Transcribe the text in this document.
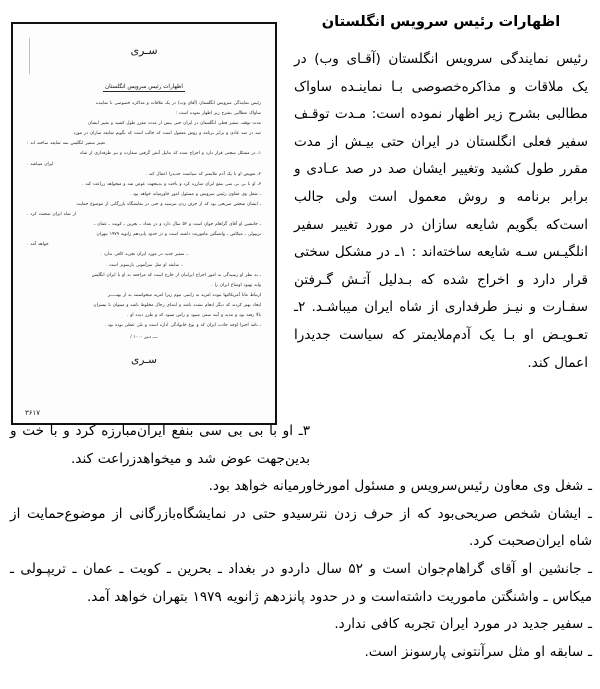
سـری
اظهارات رئیس سرویس انگلستان

رئیس نمایندگی سرویس انگلستان (آقای وب) در یک ملاقات و مذاکره خصوصی با نماینده

ساواک مطالبی بشرح زیر اظهار نموده است :

مدت توقف سفیر فعلی انگلستان در ایران حتی بیش از مدت مقرر طول کشید و تغییر ایشان

صد در صد عادی و برابر برنامه و روش معمول است که جالب است که بگویم شایعه سازان در مورد

تغییر سفیر انگلیس سه شایعه ساخته اند :

۱ـ در مشکل سختی قرار دارد و اخراج شده که بدلیل آتش گرفتن سفارت و نیز طرفداری از شاه

ایران میباشد .

۲ـ تعویض او با یک آدم ملایمتر که سیاست جدیدرا اعمال کند .

۳ـ او با بی بی سی بنفع ایران مبارزه کرد و باخت و بدینجهت عوض شد و میخواهد زراعت کند .

ـ شغل وی معاون رئیس سرویس و مسئول امور خاورمیانه خواهد بود .

ـ ایشان شخص صریحی بود که از حرف زدن نترسید و حتی در نمایشگاه بازرگانی از موضوع حمایت

از شاه ایران صحبت کرد .

ـ جانشین او آقای گراهام جوان است و ۵۲ سال دارد و در بغداد ـ بحرین ـ کویت ـ عمان ـ

تریپولی ـ میکاس ـ واشنگتن ماموریت داشته است و در حدود پانزدهم ژانویه ۱۹۷۹ بتهران

خواهد آمد .

ـ سفیر جدید در مورد ایران تجربه کافی ندارد .

ـ سابقه او مثل سرآنتونی پارسونز است .

ـ به نظر او رسیدگی به امور اخراج ایرانیان از خارج است که مراجعه به او یا ایران انگلیس

وانه بهبود اوضاع ایران را .

ارتباط مابا آمریکائیها نبوده امریه به راسی نیوم زیرا امریه میخواستند به از بهتـــــر

ایجاد بهتر کردند که دیگر انجام نشده باشد و ابتدای رجال مخلوط باشد و میتوان با نیسران

بالا رفته بود و مدید و آینه سعی میبود و راس میبود که و طرز دیده او .

ـ نامه اخیرا اوجه جاذب ایران که و نوع خانوادگی اداره است و بلی عملی بوده بود .

ــــ دبیر ۱۰۰۰ /
سـری
۳۶۱۷
اظهارات رئیس سرویس انگلستان

رئیس نمایندگی سرویس انگلستان (آقـای وب) در یک ملاقات و مذاکره‌خصوصی بـا نماینـده ساواک مطالبی بشرح زیر اظهار نموده است: مـدت توقـف سفیر فعلی انگلستان در ایران حتی بیـش از مدت مقرر طول کشید وتغییر ایشان صد در صد عـادی و برابر برنامه و روش معمول است ولی جالب است‌که بگویم شایعه سازان در مورد تغییر سفیر انلگیـس سـه شایعه ساخته‌اند : ۱ـ در مشکل سختی قرار دارد و اخراج شده که بـدلیل آتـش گـرفتن سفـارت و نیـز طرفداری از شاه ایران میباشـد. ۲ـ تعـویـض او بـا یک آدم‌ملایمتر که سیاست جدیدرا اعمال کند.

۳ـ او با بی بی سی بنفع ایران‌مبارزه کرد و با خت و بدین‌جهت عوض شد و میخواهدزراعت کند.

ـ شغل وی معاون رئیس‌سرویس و مسئول امورخاورمیانه خواهد بود.

ـ ایشان شخص صریحی‌بود که از حرف زدن نترسیدو حتی در نمایشگاه‌بازرگانی از موضوع‌حمایت از شاه ایران‌صحبت کرد.

ـ جانشین او آقای گراهام‌جوان است و ۵۲ سال داردو در بغداد ـ بحرین ـ کویت ـ عمان ـ تریپـولی ـ میکاس ـ واشنگتن ماموریت داشته‌است و در حدود پانزدهم ژانویه ۱۹۷۹ بتهران خواهد آمد.

ـ سفیر جدید در مورد ایران تجربه کافی ندارد.

ـ سابقه او مثل سرآنتونی پارسونز است.
